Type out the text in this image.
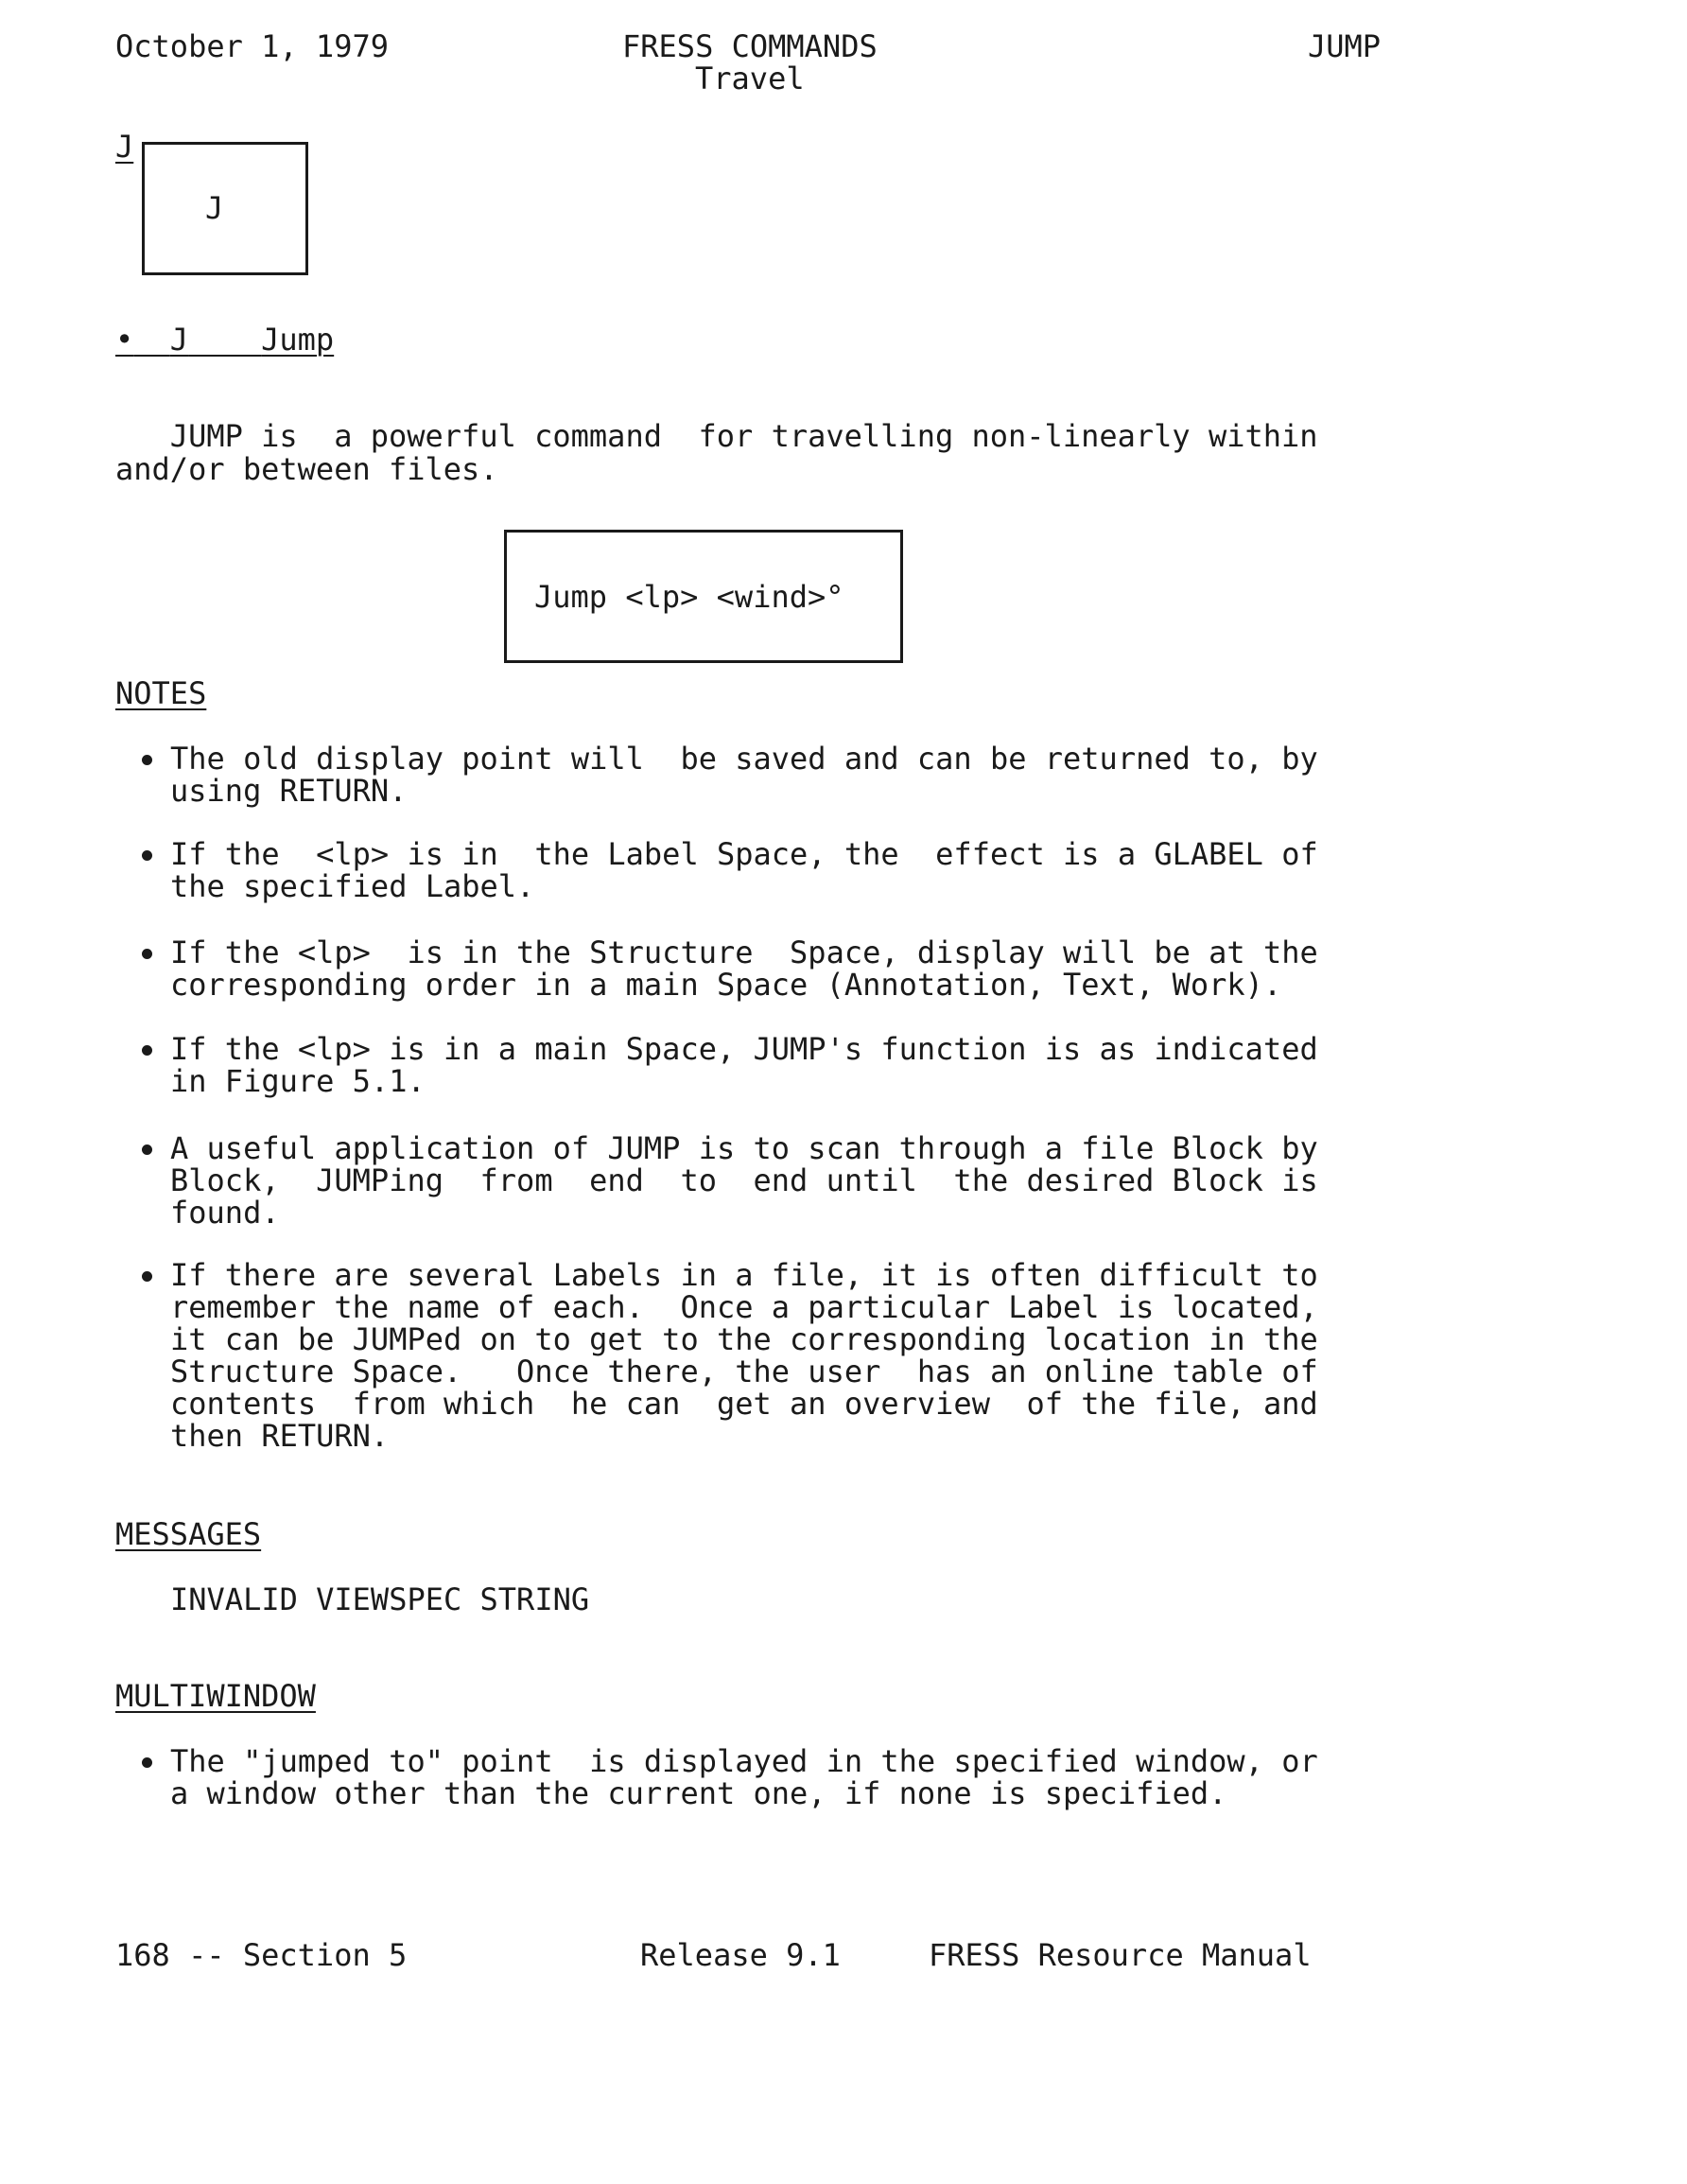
October 1, 1979	FRESS COMMANDS
Travel
JUMP
J
J
• J Jump
JUMP is  a powerful command  for travelling non-linearly within
and/or between files.
Jump <lp> <wind>°
NOTES
The old display point will  be saved and can be returned to, by
using RETURN.
If the  <lp> is in  the Label Space, the  effect is a GLABEL of
the specified Label.
If the <lp>  is in the Structure  Space, display will be at the
corresponding order in a main Space (Annotation, Text, Work).
If the <lp> is in a main Space, JUMP's function is as indicated
in Figure 5.1.
A useful application of JUMP is to scan through a file Block by
Block,  JUMPing  from  end  to  end until  the desired Block is
found.
If there are several Labels in a file, it is often difficult to
remember the name of each.  Once a particular Label is located,
it can be JUMPed on to get to the corresponding location in the
Structure Space.   Once there, the user  has an online table of
contents  from which  he can  get an overview  of the file, and
then RETURN.
MESSAGES
INVALID VIEWSPEC STRING
MULTIWINDOW
The "jumped to" point  is displayed in the specified window, or
a window other than the current one, if none is specified.
168 -- Section 5	Release 9.1	FRESS Resource Manual
